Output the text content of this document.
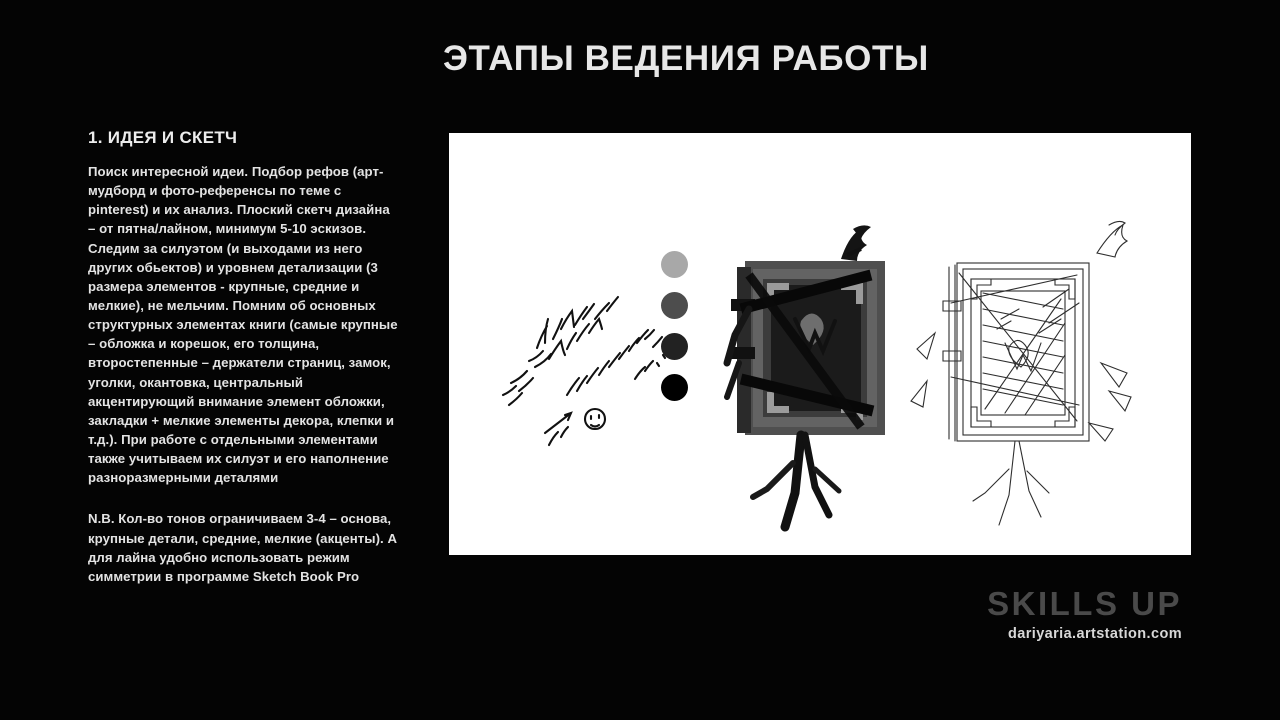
ЭТАПЫ ВЕДЕНИЯ РАБОТЫ
1. ИДЕЯ И СКЕТЧ

Поиск интересной идеи. Подбор рефов (арт-мудборд и фото-референсы по теме с pinterest) и их анализ. Плоский скетч дизайна – от пятна/лайном, минимум 5-10 эскизов. Следим за силуэтом (и выходами из него других обьектов) и уровнем детализации (3 размера элементов - крупные, средние и мелкие), не мельчим. Помним об основных структурных элементах книги (самые крупные – обложка и корешок, его толщина, второстепенные – держатели страниц, замок, уголки, окантовка, центральный акцентирующий внимание элемент обложки, закладки + мелкие элементы декора, клепки и т.д.). При работе с отдельными элементами также учитываем их силуэт и его наполнение разноразмерными деталями

N.B. Кол-во тонов ограничиваем 3-4 – основа, крупные детали, средние, мелкие (акценты). А для лайна удобно использовать режим симметрии в программе Sketch Book Pro

SKILLS UP
dariyaria.artstation.com
